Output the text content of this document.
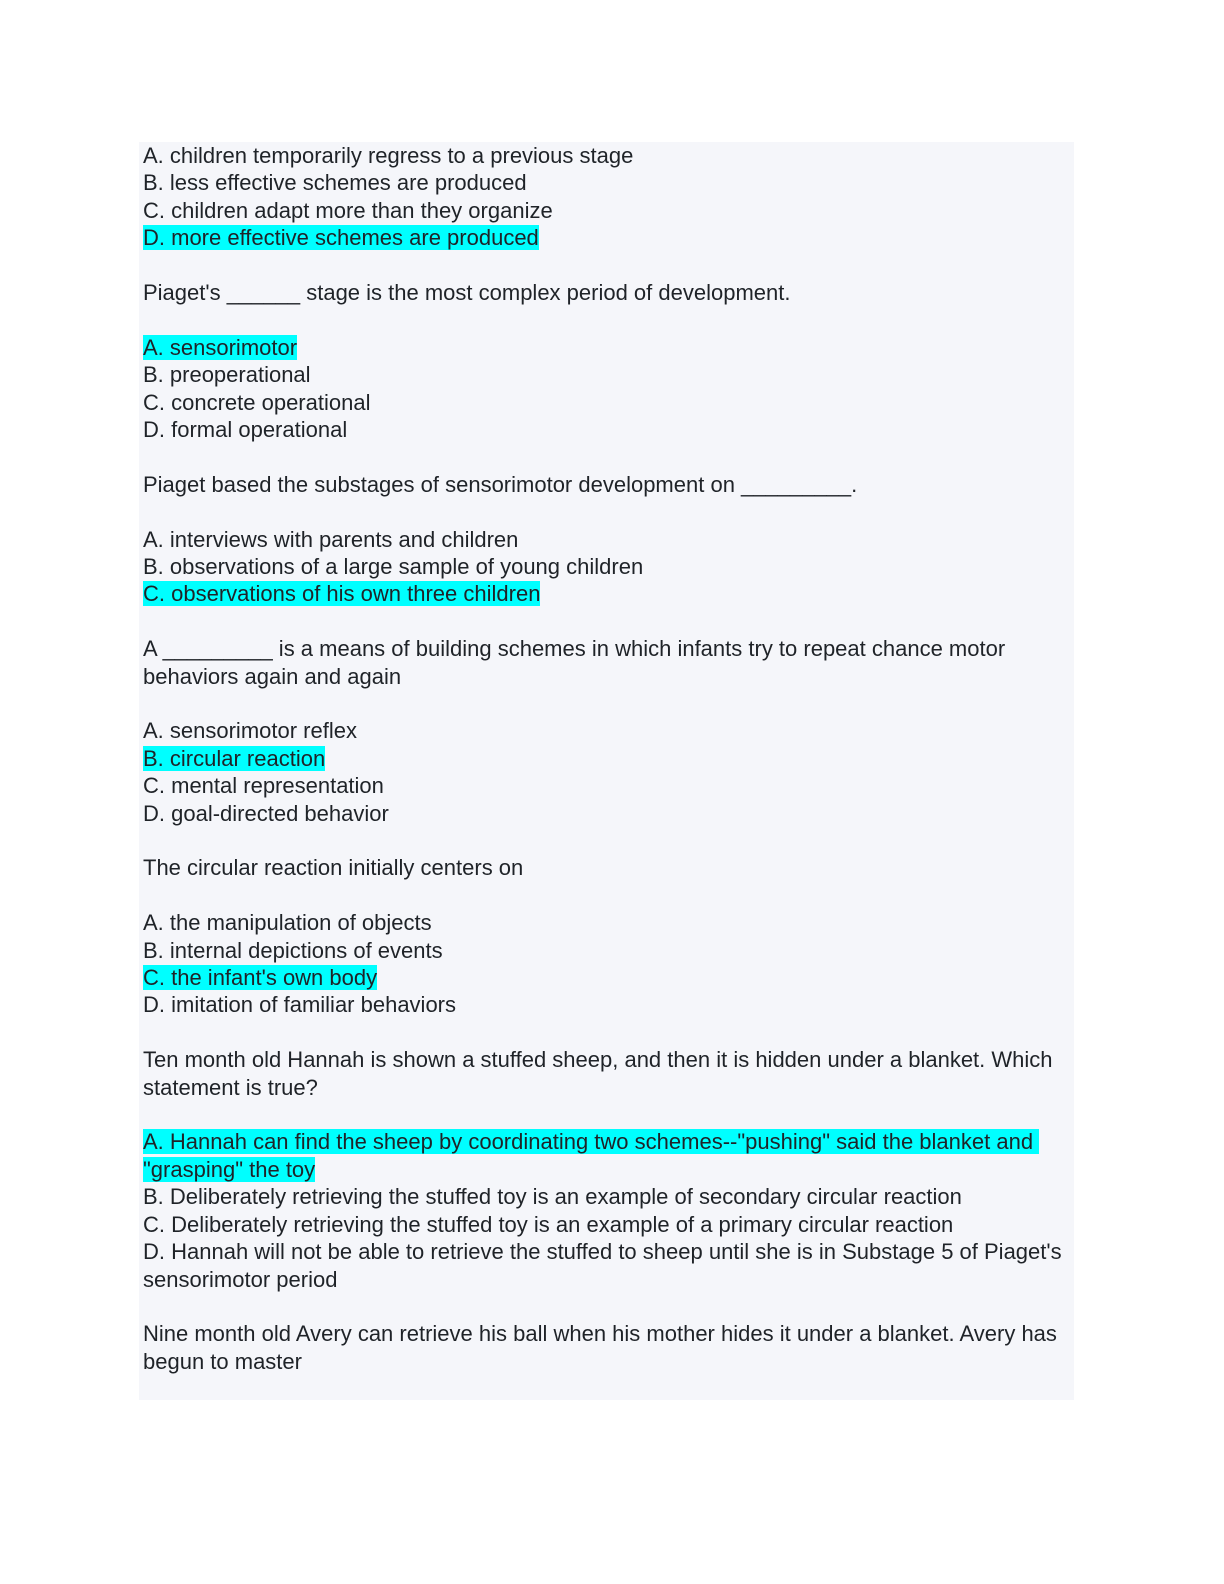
A. children temporarily regress to a previous stage

B. less effective schemes are produced

C. children adapt more than they organize

D. more effective schemes are produced

Piaget's ______ stage is the most complex period of development.

A. sensorimotor

B. preoperational

C. concrete operational

D. formal operational

Piaget based the substages of sensorimotor development on _________.

A. interviews with parents and children

B. observations of a large sample of young children

C. observations of his own three children

A _________ is a means of building schemes in which infants try to repeat chance motor behaviors again and again

A. sensorimotor reflex

B. circular reaction

C. mental representation

D. goal-directed behavior

The circular reaction initially centers on

A. the manipulation of objects

B. internal depictions of events

C. the infant's own body

D. imitation of familiar behaviors

Ten month old Hannah is shown a stuffed sheep, and then it is hidden under a blanket. Which statement is true?

A. Hannah can find the sheep by coordinating two schemes--"pushing" said the blanket and "grasping" the toy

B. Deliberately retrieving the stuffed toy is an example of secondary circular reaction

C. Deliberately retrieving the stuffed toy is an example of a primary circular reaction

D. Hannah will not be able to retrieve the stuffed to sheep until she is in Substage 5 of Piaget's sensorimotor period

Nine month old Avery can retrieve his ball when his mother hides it under a blanket. Avery has begun to master
